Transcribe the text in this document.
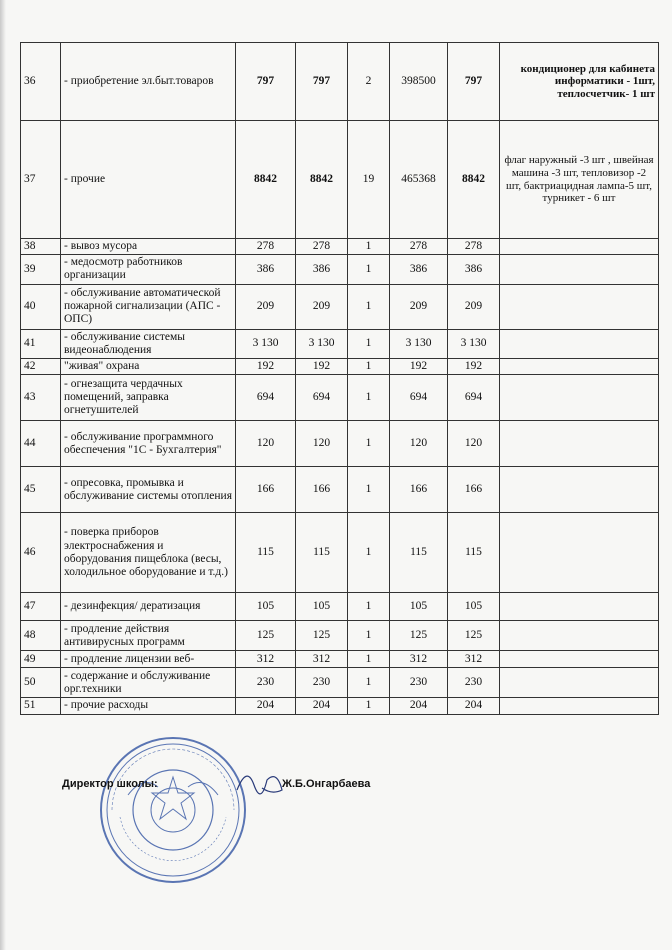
36	- приобретение эл.быт.товаров	797	797	2	398500	797	кондиционер для кабинета информатики - 1шт, теплосчетчик- 1 шт
37	- прочие	8842	8842	19	465368	8842	флаг наружный -3 шт , швейная машина -3 шт, тепловизор -2 шт, бактриацидная лампа-5 шт, турникет - 6 шт
38	- вывоз мусора	278	278	1	278	278	
39	- медосмотр работников организации	386	386	1	386	386	
40	- обслуживание автоматической пожарной сигнализации (АПС - ОПС)	209	209	1	209	209	
41	- обслуживание системы видеонаблюдения	3 130	3 130	1	3 130	3 130	
42	"живая" охрана	192	192	1	192	192	
43	- огнезащита чердачных помещений, заправка огнетушителей	694	694	1	694	694	
44	- обслуживание программного обеспечения "1С - Бухгалтерия"	120	120	1	120	120	
45	- опресовка, промывка и обслуживание системы отопления	166	166	1	166	166	
46	- поверка приборов электроснабжения и оборудования пищеблока (весы, холодильное оборудование и т.д.)	115	115	1	115	115	
47	- дезинфекция/ дератизация	105	105	1	105	105	
48	- продление действия антивирусных программ	125	125	1	125	125	
49	- продление лицензии веб-	312	312	1	312	312	
50	- содержание и обслуживание орг.техники	230	230	1	230	230	
51	- прочие расходы	204	204	1	204	204	
Директор школы:	Ж.Б.Онгарбаева
